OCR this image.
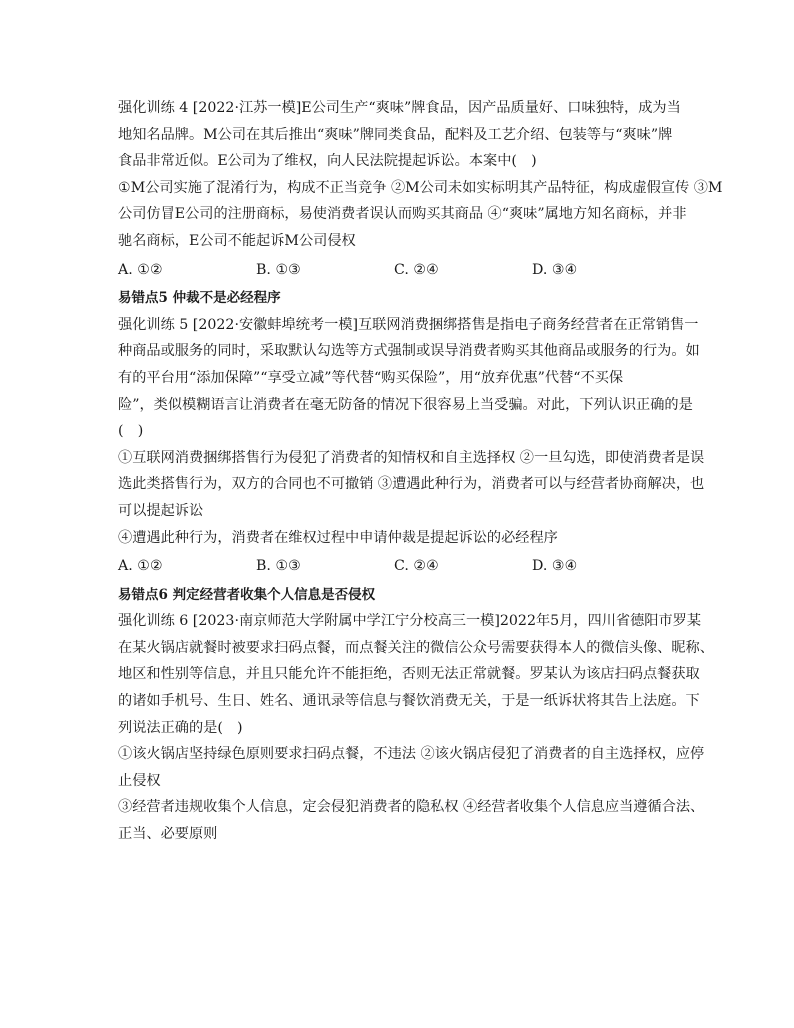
强化训练 4 [2022·江苏一模]E公司生产“爽味”牌食品，因产品质量好、口味独特，成为当
地知名品牌。M公司在其后推出“爽味”牌同类食品，配料及工艺介绍、包装等与“爽味”牌
食品非常近似。E公司为了维权，向人民法院提起诉讼。本案中(　)
①M公司实施了混淆行为，构成不正当竞争 ②M公司未如实标明其产品特征，构成虚假宣传 ③M
公司仿冒E公司的注册商标，易使消费者误认而购买其商品 ④“爽味”属地方知名商标，并非
驰名商标，E公司不能起诉M公司侵权
A. ①②	B. ①③	C. ②④	D. ③④
易错点5 仲裁不是必经程序
强化训练 5 [2022·安徽蚌埠统考一模]互联网消费捆绑搭售是指电子商务经营者在正常销售一
种商品或服务的同时，采取默认勾选等方式强制或误导消费者购买其他商品或服务的行为。如
有的平台用“添加保障”“享受立减”等代替“购买保险”，用“放弃优惠”代替“不买保
险”，类似模糊语言让消费者在毫无防备的情况下很容易上当受骗。对此，下列认识正确的是
(　)
①互联网消费捆绑搭售行为侵犯了消费者的知情权和自主选择权 ②一旦勾选，即使消费者是误
选此类搭售行为，双方的合同也不可撤销 ③遭遇此种行为，消费者可以与经营者协商解决，也
可以提起诉讼
④遭遇此种行为，消费者在维权过程中申请仲裁是提起诉讼的必经程序
A. ①②	B. ①③	C. ②④	D. ③④
易错点6 判定经营者收集个人信息是否侵权
强化训练 6 [2023·南京师范大学附属中学江宁分校高三一模]2022年5月，四川省德阳市罗某
在某火锅店就餐时被要求扫码点餐，而点餐关注的微信公众号需要获得本人的微信头像、昵称、
地区和性别等信息，并且只能允许不能拒绝，否则无法正常就餐。罗某认为该店扫码点餐获取
的诸如手机号、生日、姓名、通讯录等信息与餐饮消费无关，于是一纸诉状将其告上法庭。下
列说法正确的是(　)
①该火锅店坚持绿色原则要求扫码点餐，不违法 ②该火锅店侵犯了消费者的自主选择权，应停
止侵权
③经营者违规收集个人信息，定会侵犯消费者的隐私权 ④经营者收集个人信息应当遵循合法、
正当、必要原则
